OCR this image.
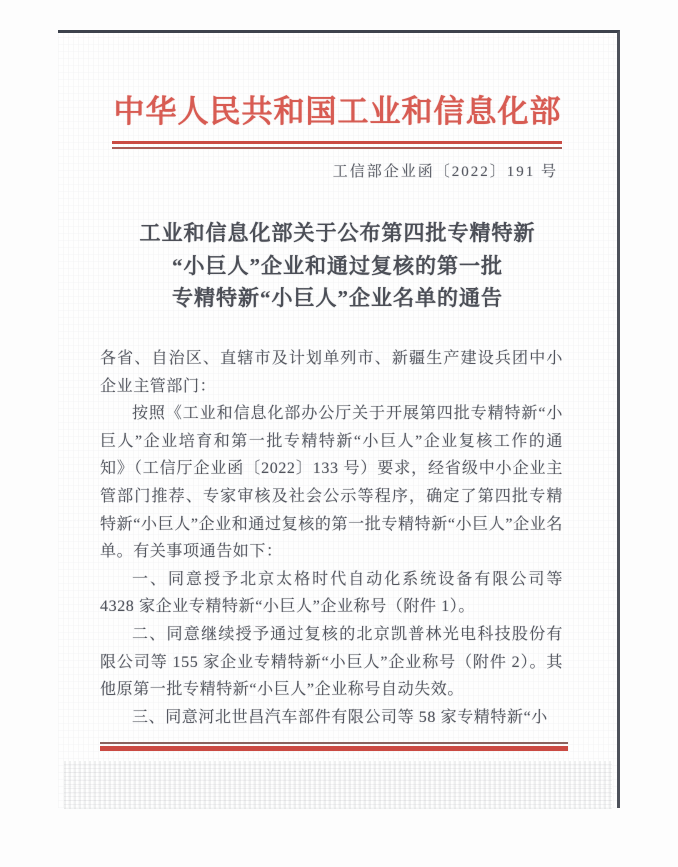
中华人民共和国工业和信息化部
工信部企业函〔2022〕191 号
工业和信息化部关于公布第四批专精特新
“小巨人”企业和通过复核的第一批
专精特新“小巨人”企业名单的通告

各省、自治区、直辖市及计划单列市、新疆生产建设兵团中小企业主管部门：

按照《工业和信息化部办公厅关于开展第四批专精特新“小巨人”企业培育和第一批专精特新“小巨人”企业复核工作的通知》（工信厅企业函〔2022〕133 号）要求，经省级中小企业主管部门推荐、专家审核及社会公示等程序，确定了第四批专精特新“小巨人”企业和通过复核的第一批专精特新“小巨人”企业名单。有关事项通告如下：

一、同意授予北京太格时代自动化系统设备有限公司等 4328 家企业专精特新“小巨人”企业称号（附件 1）。

二、同意继续授予通过复核的北京凯普林光电科技股份有限公司等 155 家企业专精特新“小巨人”企业称号（附件 2）。其他原第一批专精特新“小巨人”企业称号自动失效。

三、同意河北世昌汽车部件有限公司等 58 家专精特新“小
